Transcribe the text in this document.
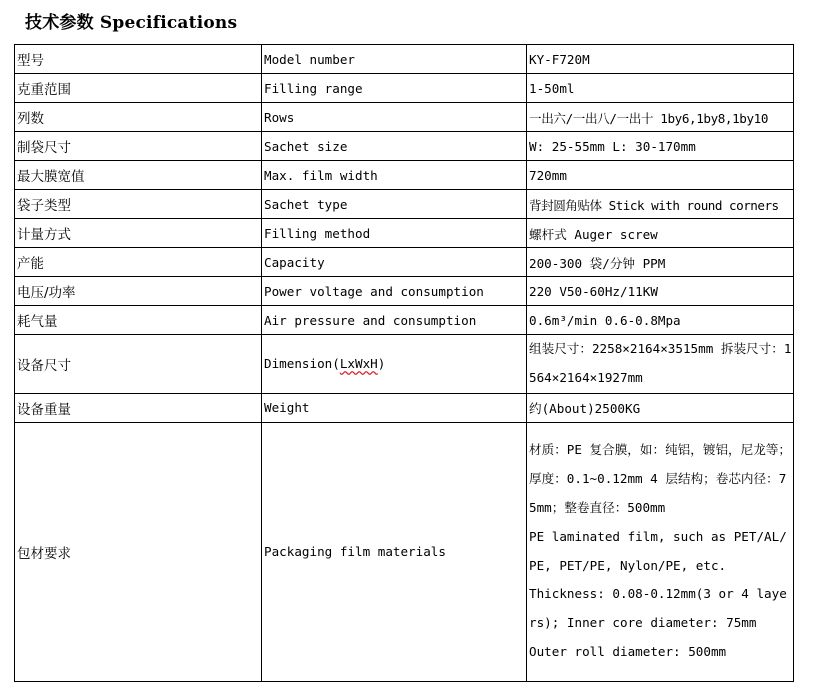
技术参数 Specifications
型号	Model number	KY-F720M
克重范围	Filling range	1-50ml
列数	Rows	一出六/一出八/一出十 1by6,1by8,1by10
制袋尺寸	Sachet size	W: 25-55mm L: 30-170mm
最大膜宽值	Max. film width	720mm
袋子类型	Sachet type	背封圆角贴体 Stick with round corners
计量方式	Filling method	螺杆式 Auger screw
产能	Capacity	200-300 袋/分钟 PPM
电压/功率	Power voltage and consumption	220 V50-60Hz/11KW
耗气量	Air pressure and consumption	0.6m³/min 0.6-0.8Mpa
设备尺寸	Dimension(LxWxH)	组装尺寸：2258×2164×3515mm 拆装尺寸：1564×2164×1927mm
设备重量	Weight	约(About)2500KG
包材要求	Packaging film materials	材质：PE 复合膜，如：纯铝，镀铝，尼龙等；
厚度：0.1~0.12mm 4 层结构；卷芯内径：75mm；整卷直径：500mm
PE laminated film, such as PET/AL/PE, PET/PE, Nylon/PE, etc.
Thickness: 0.08-0.12mm(3 or 4 layers); Inner core diameter: 75mm
Outer roll diameter: 500mm
